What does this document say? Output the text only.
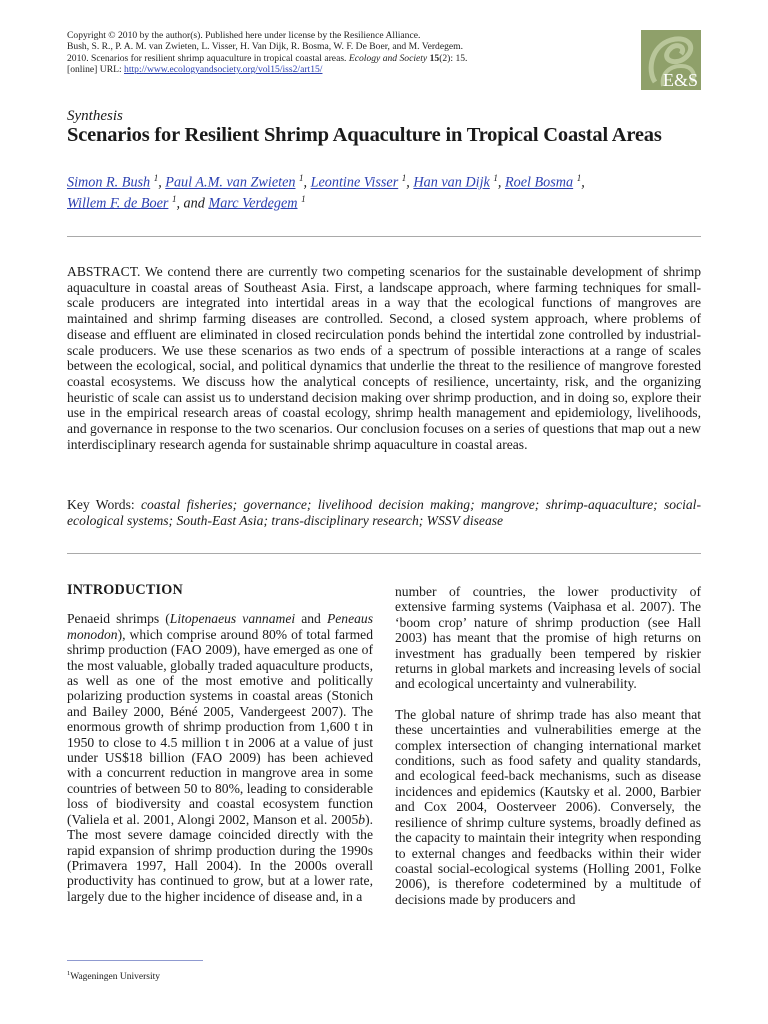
Copyright © 2010 by the author(s). Published here under license by the Resilience Alliance.
Bush, S. R., P. A. M. van Zwieten, L. Visser, H. Van Dijk, R. Bosma, W. F. De Boer, and M. Verdegem.
2010. Scenarios for resilient shrimp aquaculture in tropical coastal areas. Ecology and Society 15(2): 15.
[online] URL: http://www.ecologyandsociety.org/vol15/iss2/art15/
E&S
Synthesis
Scenarios for Resilient Shrimp Aquaculture in Tropical Coastal Areas
Simon R. Bush $^1$, Paul A.M. van Zwieten $^1$, Leontine Visser $^1$, Han van Dijk $^1$, Roel Bosma $^1$,
Willem F. de Boer $^1$, and Marc Verdegem $^1$

ABSTRACT. We contend there are currently two competing scenarios for the sustainable development of shrimp aquaculture in coastal areas of Southeast Asia. First, a landscape approach, where farming techniques for small-scale producers are integrated into intertidal areas in a way that the ecological functions of mangroves are maintained and shrimp farming diseases are controlled. Second, a closed system approach, where problems of disease and effluent are eliminated in closed recirculation ponds behind the intertidal zone controlled by industrial-scale producers. We use these scenarios as two ends of a spectrum of possible interactions at a range of scales between the ecological, social, and political dynamics that underlie the threat to the resilience of mangrove forested coastal ecosystems. We discuss how the analytical concepts of resilience, uncertainty, risk, and the organizing heuristic of scale can assist us to understand decision making over shrimp production, and in doing so, explore their use in the empirical research areas of coastal ecology, shrimp health management and epidemiology, livelihoods, and governance in response to the two scenarios. Our conclusion focuses on a series of questions that map out a new interdisciplinary research agenda for sustainable shrimp aquaculture in coastal areas.

Key Words: coastal fisheries; governance; livelihood decision making; mangrove; shrimp-aquaculture; social-ecological systems; South-East Asia; trans-disciplinary research; WSSV disease

INTRODUCTION

Penaeid shrimps (Litopenaeus vannamei and Peneaus monodon), which comprise around 80% of total farmed shrimp production (FAO 2009), have emerged as one of the most valuable, globally traded aquaculture products, as well as one of the most emotive and politically polarizing production systems in coastal areas (Stonich and Bailey 2000, Béné 2005, Vandergeest 2007). The enormous growth of shrimp production from 1,600 t in 1950 to close to 4.5 million t in 2006 at a value of just under US$18 billion (FAO 2009) has been achieved with a concurrent reduction in mangrove area in some countries of between 50 to 80%, leading to considerable loss of biodiversity and coastal ecosystem function (Valiela et al. 2001, Alongi 2002, Manson et al. 2005b). The most severe damage coincided directly with the rapid expansion of shrimp production during the 1990s (Primavera 1997, Hall 2004). In the 2000s overall productivity has continued to grow, but at a lower rate, largely due to the higher incidence of disease and, in a

number of countries, the lower productivity of extensive farming systems (Vaiphasa et al. 2007). The ‘boom crop’ nature of shrimp production (see Hall 2003) has meant that the promise of high returns on investment has gradually been tempered by riskier returns in global markets and increasing levels of social and ecological uncertainty and vulnerability.

The global nature of shrimp trade has also meant that these uncertainties and vulnerabilities emerge at the complex intersection of changing international market conditions, such as food safety and quality standards, and ecological feed-back mechanisms, such as disease incidences and epidemics (Kautsky et al. 2000, Barbier and Cox 2004, Oosterveer 2006). Conversely, the resilience of shrimp culture systems, broadly defined as the capacity to maintain their integrity when responding to external changes and feedbacks within their wider coastal social-ecological systems (Holling 2001, Folke 2006), is therefore codetermined by a multitude of decisions made by producers and

$^1$Wageningen University
